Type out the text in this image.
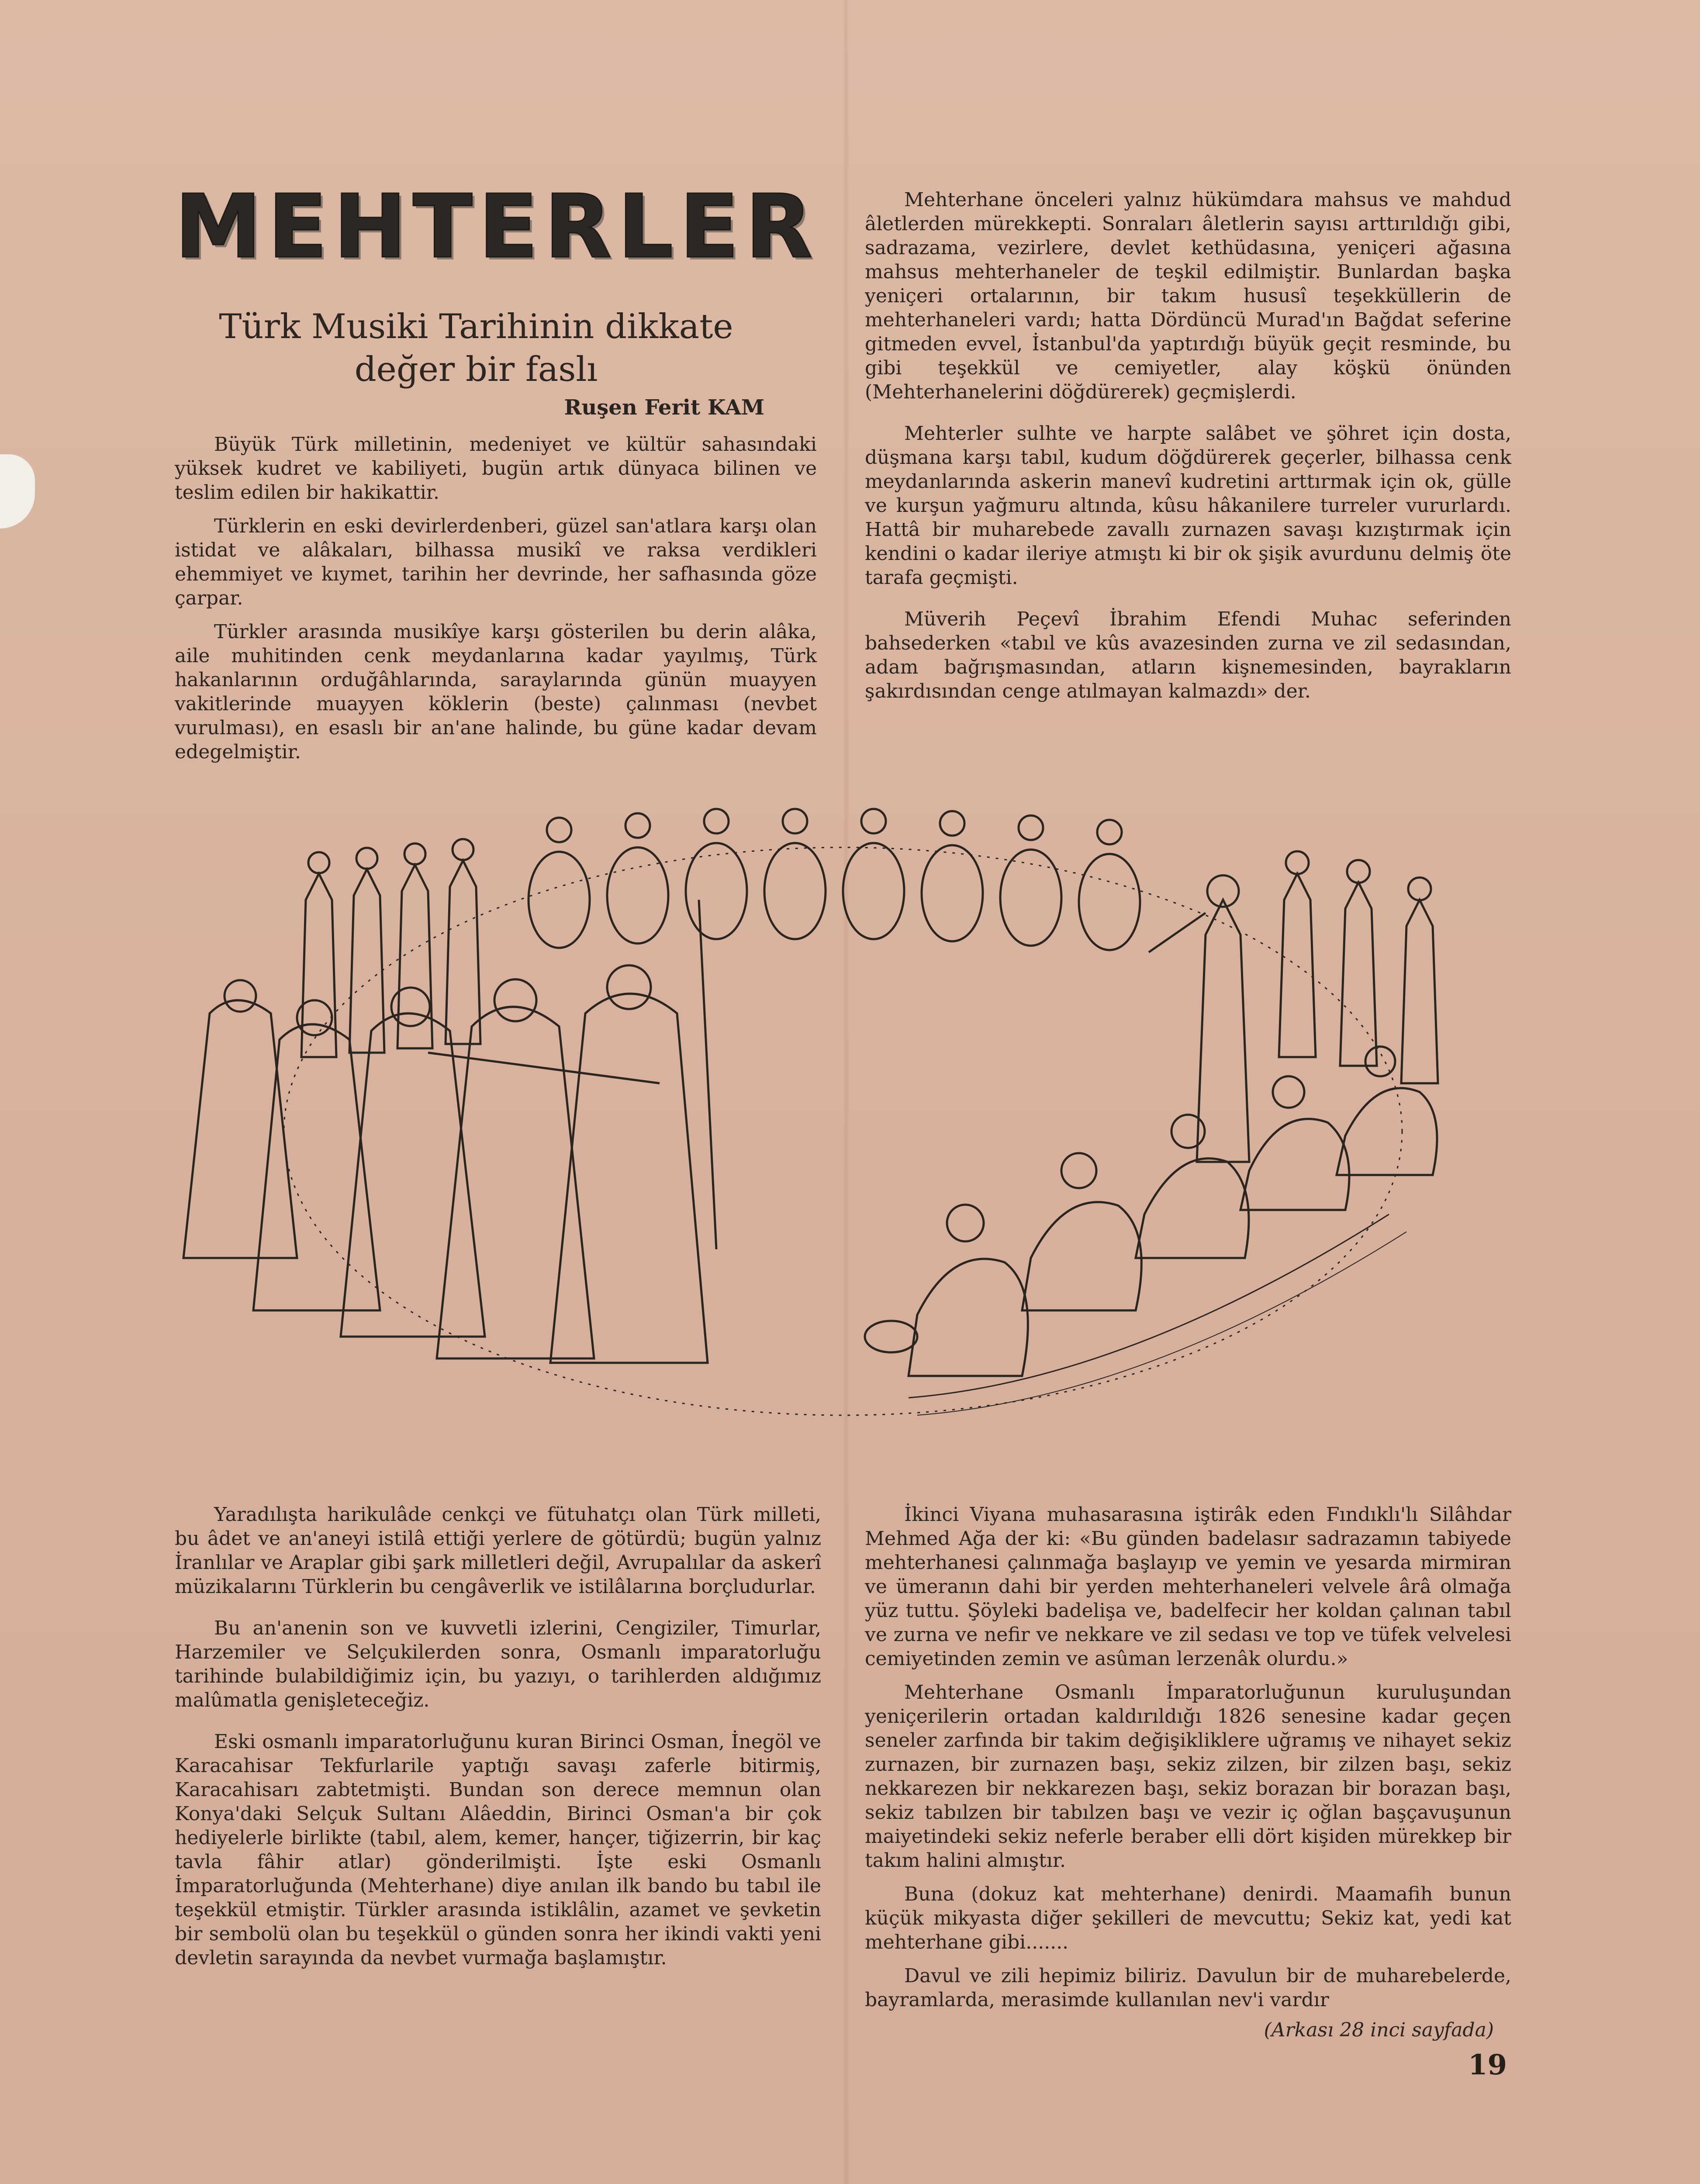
MEHTERLER
Türk Musiki Tarihinin dikkate değer bir faslı
Ruşen Ferit KAM

Büyük Türk milletinin, medeniyet ve kültür sahasındaki yüksek kudret ve kabiliyeti, bugün artık dünyaca bilinen ve teslim edilen bir hakikattir.

Türklerin en eski devirlerdenberi, güzel san'atlara karşı olan istidat ve alâkaları, bilhassa musikî ve raksa verdikleri ehemmiyet ve kıymet, tarihin her devrinde, her safhasında göze çarpar.

Türkler arasında musikîye karşı gösterilen bu derin alâka, aile muhitinden cenk meydanlarına kadar yayılmış, Türk hakanlarının orduğâhlarında, saraylarında günün muayyen vakitlerinde muayyen köklerin (beste) çalınması (nevbet vurulması), en esaslı bir an'ane halinde, bu güne kadar devam edegelmiştir.

Mehterhane önceleri yalnız hükümdara mahsus ve mahdud âletlerden mürekkepti. Sonraları âletlerin sayısı arttırıldığı gibi, sadrazama, vezirlere, devlet kethüdasına, yeniçeri ağasına mahsus mehterhaneler de teşkil edilmiştir. Bunlardan başka yeniçeri ortalarının, bir takım hususî teşekküllerin de mehterhaneleri vardı; hatta Dördüncü Murad'ın Bağdat seferine gitmeden evvel, İstanbul'da yaptırdığı büyük geçit resminde, bu gibi teşekkül ve cemiyetler, alay köşkü önünden (Mehterhanelerini döğdürerek) geçmişlerdi.

Mehterler sulhte ve harpte salâbet ve şöhret için dosta, düşmana karşı tabıl, kudum döğdürerek geçerler, bilhassa cenk meydanlarında askerin manevî kudretini arttırmak için ok, gülle ve kurşun yağmuru altında, kûsu hâkanilere turreler vururlardı. Hattâ bir muharebede zavallı zurnazen savaşı kızıştırmak için kendini o kadar ileriye atmıştı ki bir ok şişik avurdunu delmiş öte tarafa geçmişti.

Müverih Peçevî İbrahim Efendi Muhac seferinden bahsederken «tabıl ve kûs avazesinden zurna ve zil sedasından, adam bağrışmasından, atların kişnemesinden, bayrakların şakırdısından cenge atılmayan kalmazdı» der.

Yaradılışta harikulâde cenkçi ve fütuhatçı olan Türk milleti, bu âdet ve an'aneyi istilâ ettiği yerlere de götürdü; bugün yalnız İranlılar ve Araplar gibi şark milletleri değil, Avrupalılar da askerî müzikalarını Türklerin bu cengâverlik ve istilâlarına borçludurlar.

Bu an'anenin son ve kuvvetli izlerini, Cengiziler, Timurlar, Harzemiler ve Selçukilerden sonra, Osmanlı imparatorluğu tarihinde bulabildiğimiz için, bu yazıyı, o tarihlerden aldığımız malûmatla genişleteceğiz.

Eski osmanlı imparatorluğunu kuran Birinci Osman, İnegöl ve Karacahisar Tekfurlarile yaptığı savaşı zaferle bitirmiş, Karacahisarı zabtetmişti. Bundan son derece memnun olan Konya'daki Selçuk Sultanı Alâeddin, Birinci Osman'a bir çok hediyelerle birlikte (tabıl, alem, kemer, hançer, tiğizerrin, bir kaç tavla fâhir atlar) gönderilmişti. İşte eski Osmanlı İmparatorluğunda (Mehterhane) diye anılan ilk bando bu tabıl ile teşekkül etmiştir. Türkler arasında istiklâlin, azamet ve şevketin bir sembolü olan bu teşekkül o günden sonra her ikindi vakti yeni devletin sarayında da nevbet vurmağa başlamıştır.

İkinci Viyana muhasarasına iştirâk eden Fındıklı'lı Silâhdar Mehmed Ağa der ki: «Bu günden badelasır sadrazamın tabiyede mehterhanesi çalınmağa başlayıp ve yemin ve yesarda mirmiran ve ümeranın dahi bir yerden mehterhaneleri velvele ârâ olmağa yüz tuttu. Şöyleki badelişa ve, badelfecir her koldan çalınan tabıl ve zurna ve nefir ve nekkare ve zil sedası ve top ve tüfek velvelesi cemiyetinden zemin ve asûman lerzenâk olurdu.»

Mehterhane Osmanlı İmparatorluğunun kuruluşundan yeniçerilerin ortadan kaldırıldığı 1826 senesine kadar geçen seneler zarfında bir takim değişikliklere uğramış ve nihayet sekiz zurnazen, bir zurnazen başı, sekiz zilzen, bir zilzen başı, sekiz nekkarezen bir nekkarezen başı, sekiz borazan bir borazan başı, sekiz tabılzen bir tabılzen başı ve vezir iç oğlan başçavuşunun maiyetindeki sekiz neferle beraber elli dört kişiden mürekkep bir takım halini almıştır.

Buna (dokuz kat mehterhane) denirdi. Maamafih bunun küçük mikyasta diğer şekilleri de mevcuttu; Sekiz kat, yedi kat mehterhane gibi.......

Davul ve zili hepimiz biliriz. Davulun bir de muharebelerde, bayramlarda, merasimde kullanılan nev'i vardır

(Arkası 28 inci sayfada)
19
